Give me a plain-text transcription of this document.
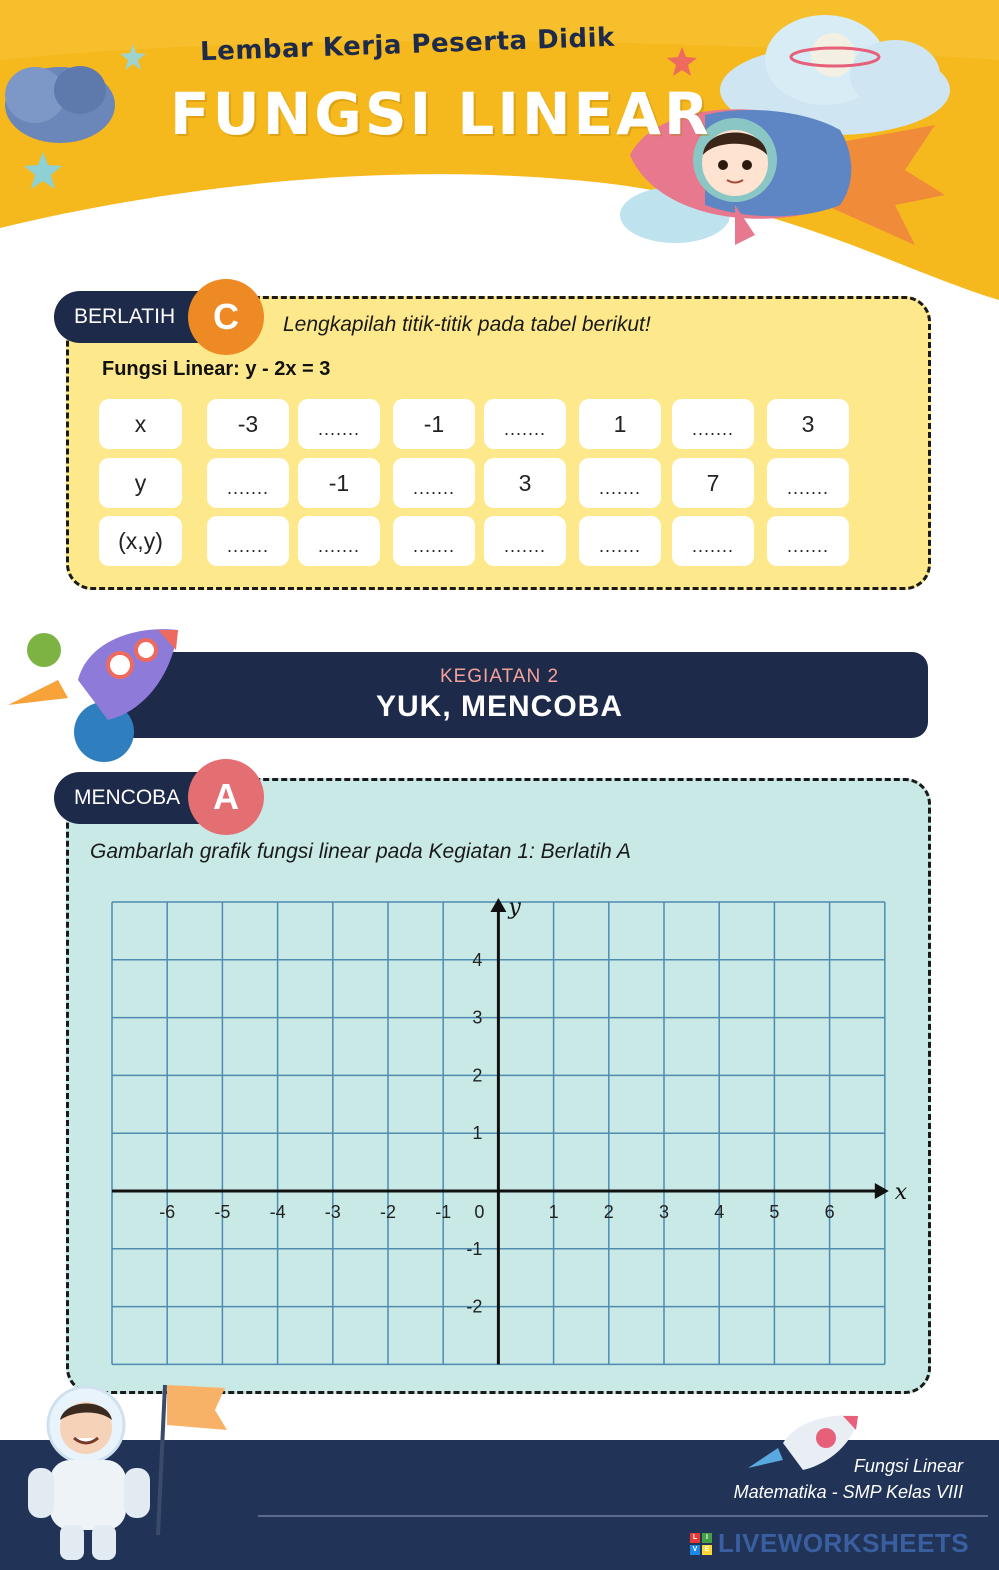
Lembar Kerja Peserta Didik
FUNGSI LINEAR
BERLATIH	C	Lengkapilah titik-titik pada tabel berikut!
Fungsi Linear: y - 2x = 3
x	-3	.......	-1	.......	1	.......	3
y	.......	-1	.......	3	.......	7	.......
(x,y)	.......	.......	.......	.......	.......	.......	.......
KEGIATAN 2
YUK, MENCOBA
MENCOBA A
Gambarlah grafik fungsi linear pada Kegiatan 1: Berlatih A
x
y
-6 -5 -4 -3 -2 -1	1	2	3	4	5	6
4
3
2
1
-1
-2
0
Fungsi Linear
Matematika - SMP Kelas VIII
L	I
V	E LIVEWORKSHEETS
